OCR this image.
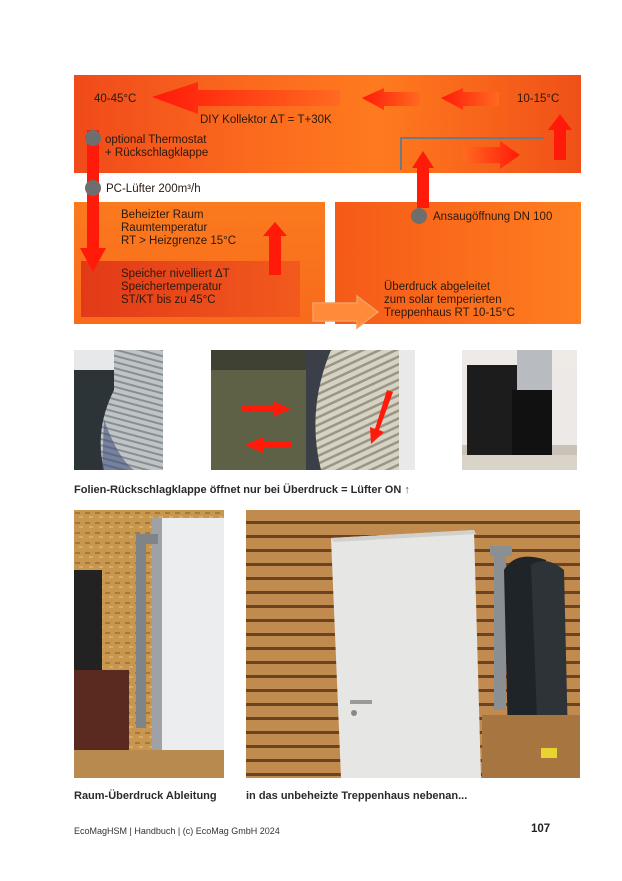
40-45°C	10-15°C
DIY Kollektor ΔT = T+30K
optional Thermostat
+ Rückschlagklappe
PC-Lüfter 200m³/h
Beheizter Raum
Raumtemperatur
RT > Heizgrenze 15°C
Speicher nivelliert ΔT
Speichertemperatur
ST/KT bis zu 45°C
Ansaugöffnung DN 100
Überdruck abgeleitet
zum solar temperierten
Treppenhaus RT 10-15°C
Folien-Rückschlagklappe öffnet nur bei Überdruck = Lüfter ON ↑
Raum-Überdruck Ableitung	in das unbeheizte Treppenhaus nebenan...
EcoMagHSM | Handbuch | (c) EcoMag GmbH 2024	107
